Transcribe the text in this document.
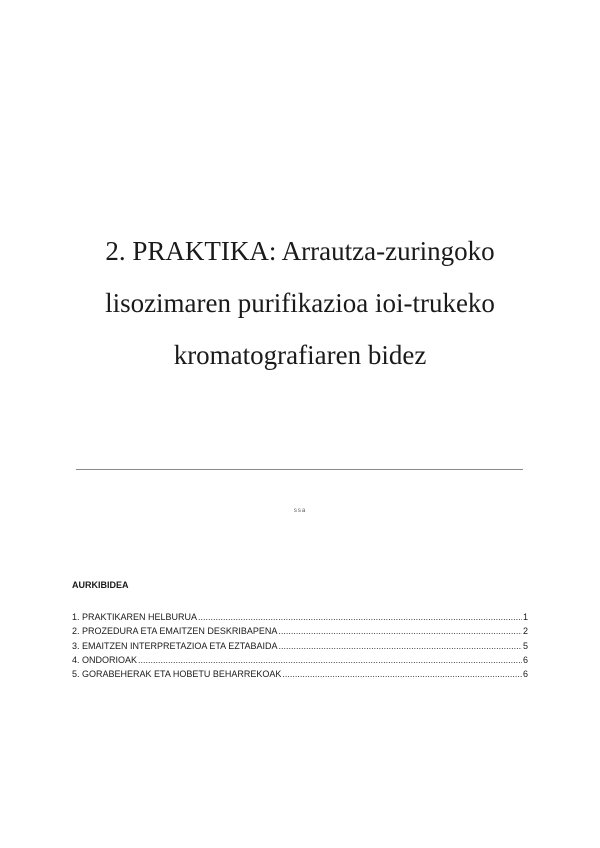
2. PRAKTIKA: Arrautza-zuringoko
lisozimaren purifikazioa ioi-trukeko
kromatografiaren bidez
ssa
AURKIBIDEA
1. PRAKTIKAREN HELBURUA .....	1
2. PROZEDURA ETA EMAITZEN DESKRIBAPENA .....	2
3. EMAITZEN INTERPRETAZIOA ETA EZTABAIDA .....	5
4. ONDORIOAK .....	6
5. GORABEHERAK ETA HOBETU BEHARREKOAK .....	6
